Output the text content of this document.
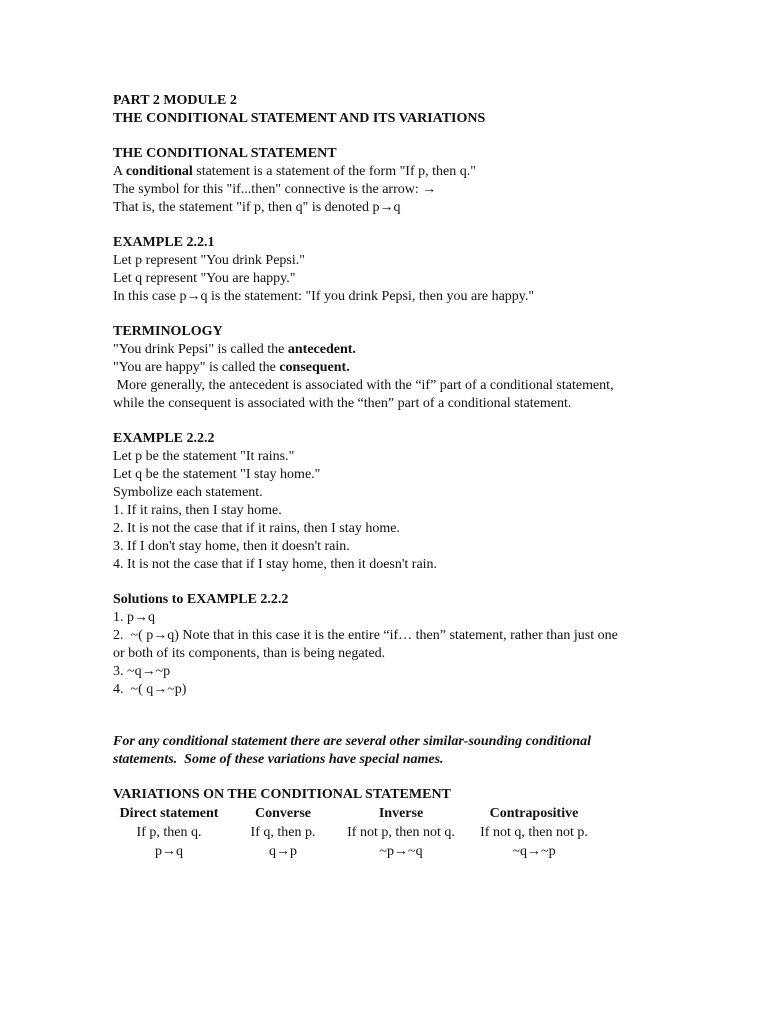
PART 2 MODULE 2
THE CONDITIONAL STATEMENT AND ITS VARIATIONS
THE CONDITIONAL STATEMENT
A conditional statement is a statement of the form "If p, then q."
The symbol for this "if...then" connective is the arrow: →
That is, the statement "if p, then q" is denoted p→q
EXAMPLE 2.2.1
Let p represent "You drink Pepsi."
Let q represent "You are happy."
In this case p→q is the statement: "If you drink Pepsi, then you are happy."
TERMINOLOGY
"You drink Pepsi" is called the antecedent.
"You are happy" is called the consequent.
More generally, the antecedent is associated with the “if” part of a conditional statement,
while the consequent is associated with the “then” part of a conditional statement.
EXAMPLE 2.2.2
Let p be the statement "It rains."
Let q be the statement "I stay home."
Symbolize each statement.
1. If it rains, then I stay home.
2. It is not the case that if it rains, then I stay home.
3. If I don't stay home, then it doesn't rain.
4. It is not the case that if I stay home, then it doesn't rain.
Solutions to EXAMPLE 2.2.2
1. p→q
2.  ~( p→q) Note that in this case it is the entire “if… then” statement, rather than just one
or both of its components, than is being negated.
3. ~q→~p
4.  ~( q→~p)
For any conditional statement there are several other similar-sounding conditional
statements.  Some of these variations have special names.
VARIATIONS ON THE CONDITIONAL STATEMENT
Direct statement	Converse	Inverse	Contrapositive
If p, then q.	If q, then p.	If not p, then not q.	If not q, then not p.
p→q	q→p	~p→~q	~q→~p
